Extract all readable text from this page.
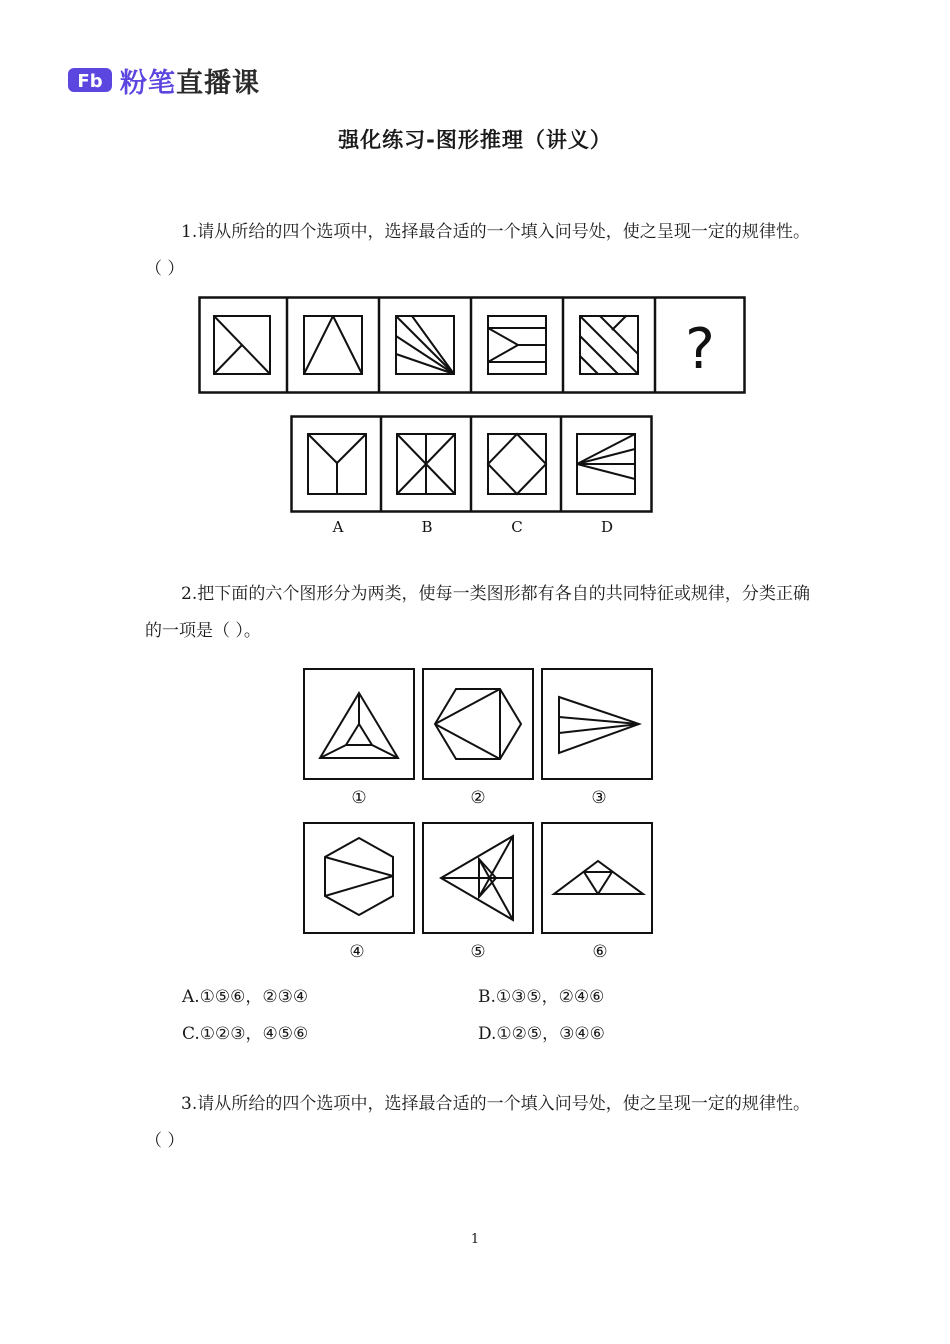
Fb 粉笔直播课
强化练习-图形推理（讲义）
1.请从所给的四个选项中，选择最合适的一个填入问号处，使之呈现一定的规律性。（ ）
?
A	B	C	D
2.把下面的六个图形分为两类，使每一类图形都有各自的共同特征或规律，分类正确的一项是（ ）。
①	②	③
④	⑤	⑥
A.①⑤⑥，②③④	B.①③⑤，②④⑥
C.①②③，④⑤⑥	D.①②⑤，③④⑥
3.请从所给的四个选项中，选择最合适的一个填入问号处，使之呈现一定的规律性。（ ）
1
